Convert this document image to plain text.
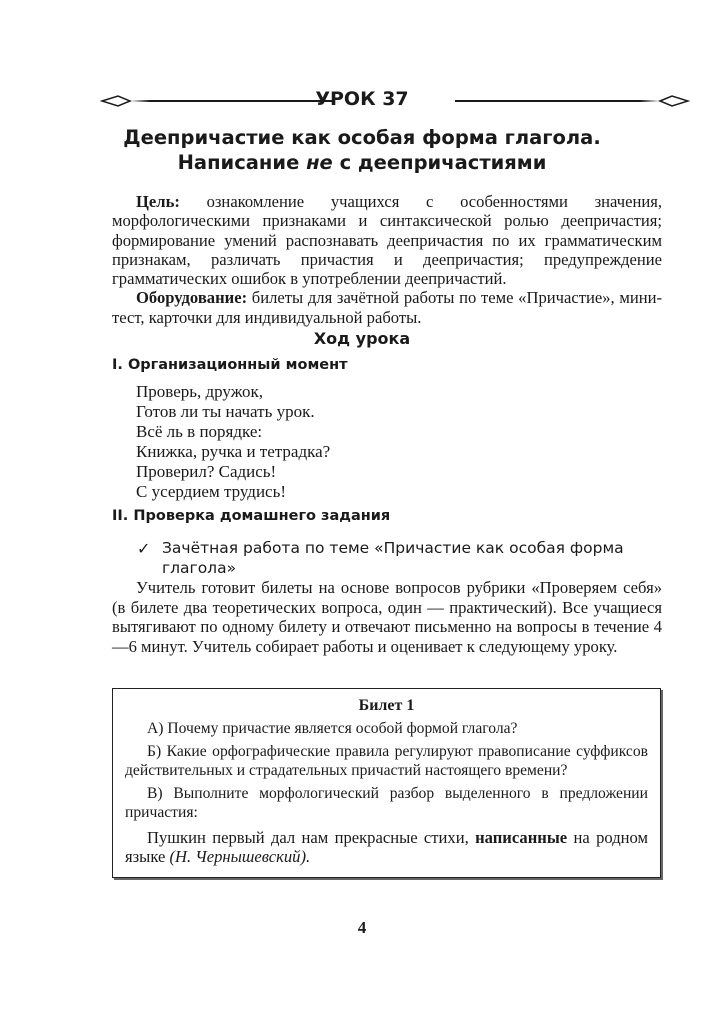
УРОК 37
Деепричастие как особая форма глагола.
Написание не с деепричастиями

Цель: ознакомление учащихся с особенностями значения, морфологическими признаками и синтаксической ролью деепричастия; формирование умений распознавать деепричастия по их грамматическим признакам, различать причастия и деепричастия; предупреждение грамматических ошибок в употреблении деепричастий.

Оборудование: билеты для зачётной работы по теме «Причастие», мини-тест, карточки для индивидуальной работы.

Ход урока
I. Организационный момент
Проверь, дружок,
Готов ли ты начать урок.
Всё ль в порядке:
Книжка, ручка и тетрадка?
Проверил? Садись!
С усердием трудись!
II. Проверка домашнего задания
✓ Зачётная работа по теме «Причастие как особая форма глагола»

Учитель готовит билеты на основе вопросов рубрики «Проверяем себя» (в билете два теоретических вопроса, один — практический). Все учащиеся вытягивают по одному билету и отвечают письменно на вопросы в течение 4—6 минут. Учитель собирает работы и оценивает к следующему уроку.

Билет 1

А) Почему причастие является особой формой глагола?

Б) Какие орфографические правила регулируют правописание суффиксов действительных и страдательных причастий настоящего времени?

В) Выполните морфологический разбор выделенного в предложении причастия:

Пушкин первый дал нам прекрасные стихи, написанные на родном языке (Н. Чернышевский).

4
